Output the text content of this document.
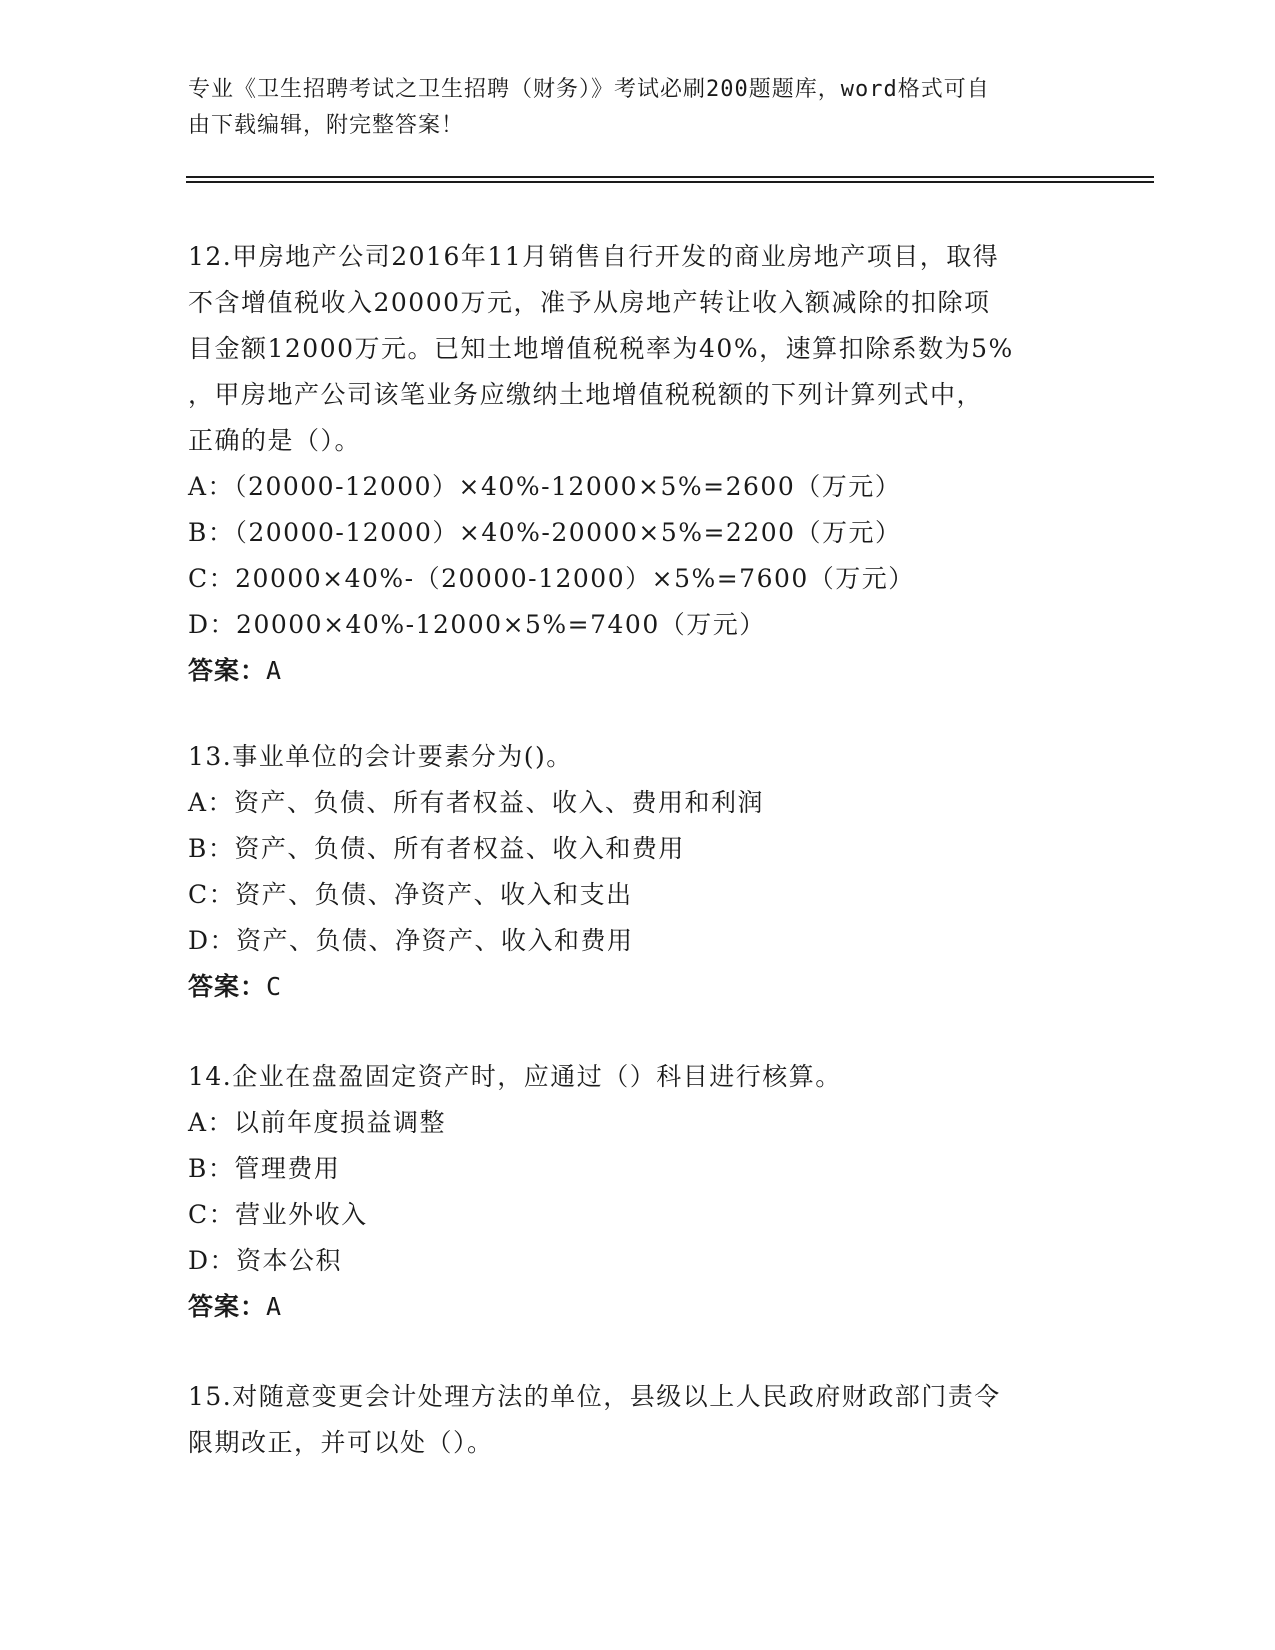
专业《卫生招聘考试之卫生招聘（财务）》考试必刷200题题库，word格式可自
由下载编辑，附完整答案！
12.甲房地产公司2016年11月销售自行开发的商业房地产项目，取得
不含增值税收入20000万元，准予从房地产转让收入额减除的扣除项
目金额12000万元。已知土地增值税税率为40%，速算扣除系数为5%
，甲房地产公司该笔业务应缴纳土地增值税税额的下列计算列式中，
正确的是（）。
A：（20000-12000）×40%-12000×5%=2600（万元）
B：（20000-12000）×40%-20000×5%=2200（万元）
C：20000×40%-（20000-12000）×5%=7600（万元）
D：20000×40%-12000×5%=7400（万元）
答案：A
13.事业单位的会计要素分为()。
A：资产、负债、所有者权益、收入、费用和利润
B：资产、负债、所有者权益、收入和费用
C：资产、负债、净资产、收入和支出
D：资产、负债、净资产、收入和费用
答案：C
14.企业在盘盈固定资产时，应通过（）科目进行核算。
A：以前年度损益调整
B：管理费用
C：营业外收入
D：资本公积
答案：A
15.对随意变更会计处理方法的单位，县级以上人民政府财政部门责令
限期改正，并可以处（）。
